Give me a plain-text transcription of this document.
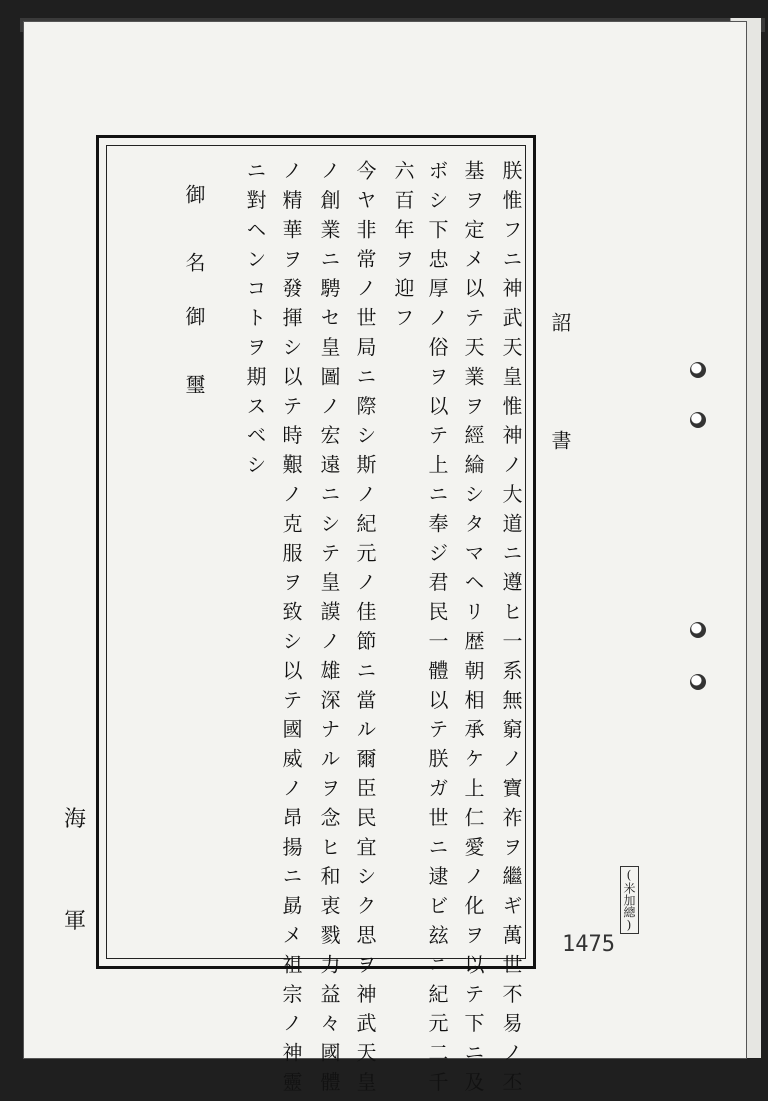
詔書
朕惟フニ神武天皇惟神ノ大道ニ遵ヒ一系無窮ノ寶祚ヲ繼ギ萬世不易ノ丕
基ヲ定メ以テ天業ヲ經綸シタマヘリ歴朝相承ケ上仁愛ノ化ヲ以テ下ニ及
ボシ下忠厚ノ俗ヲ以テ上ニ奉ジ君民一體以テ朕ガ世ニ逮ビ玆ニ紀元二千
六百年ヲ迎フ
今ヤ非常ノ世局ニ際シ斯ノ紀元ノ佳節ニ當ル爾臣民宜シク思ヲ神武天皇
ノ創業ニ騁セ皇圖ノ宏遠ニシテ皇謨ノ雄深ナルヲ念ヒ和衷戮力益々國體
ノ精華ヲ發揮シ以テ時艱ノ克服ヲ致シ以テ國威ノ昂揚ニ勗メ祖宗ノ神靈
ニ對ヘンコトヲ期スベシ
御名
御璽
海
軍	(米加總)
1475
